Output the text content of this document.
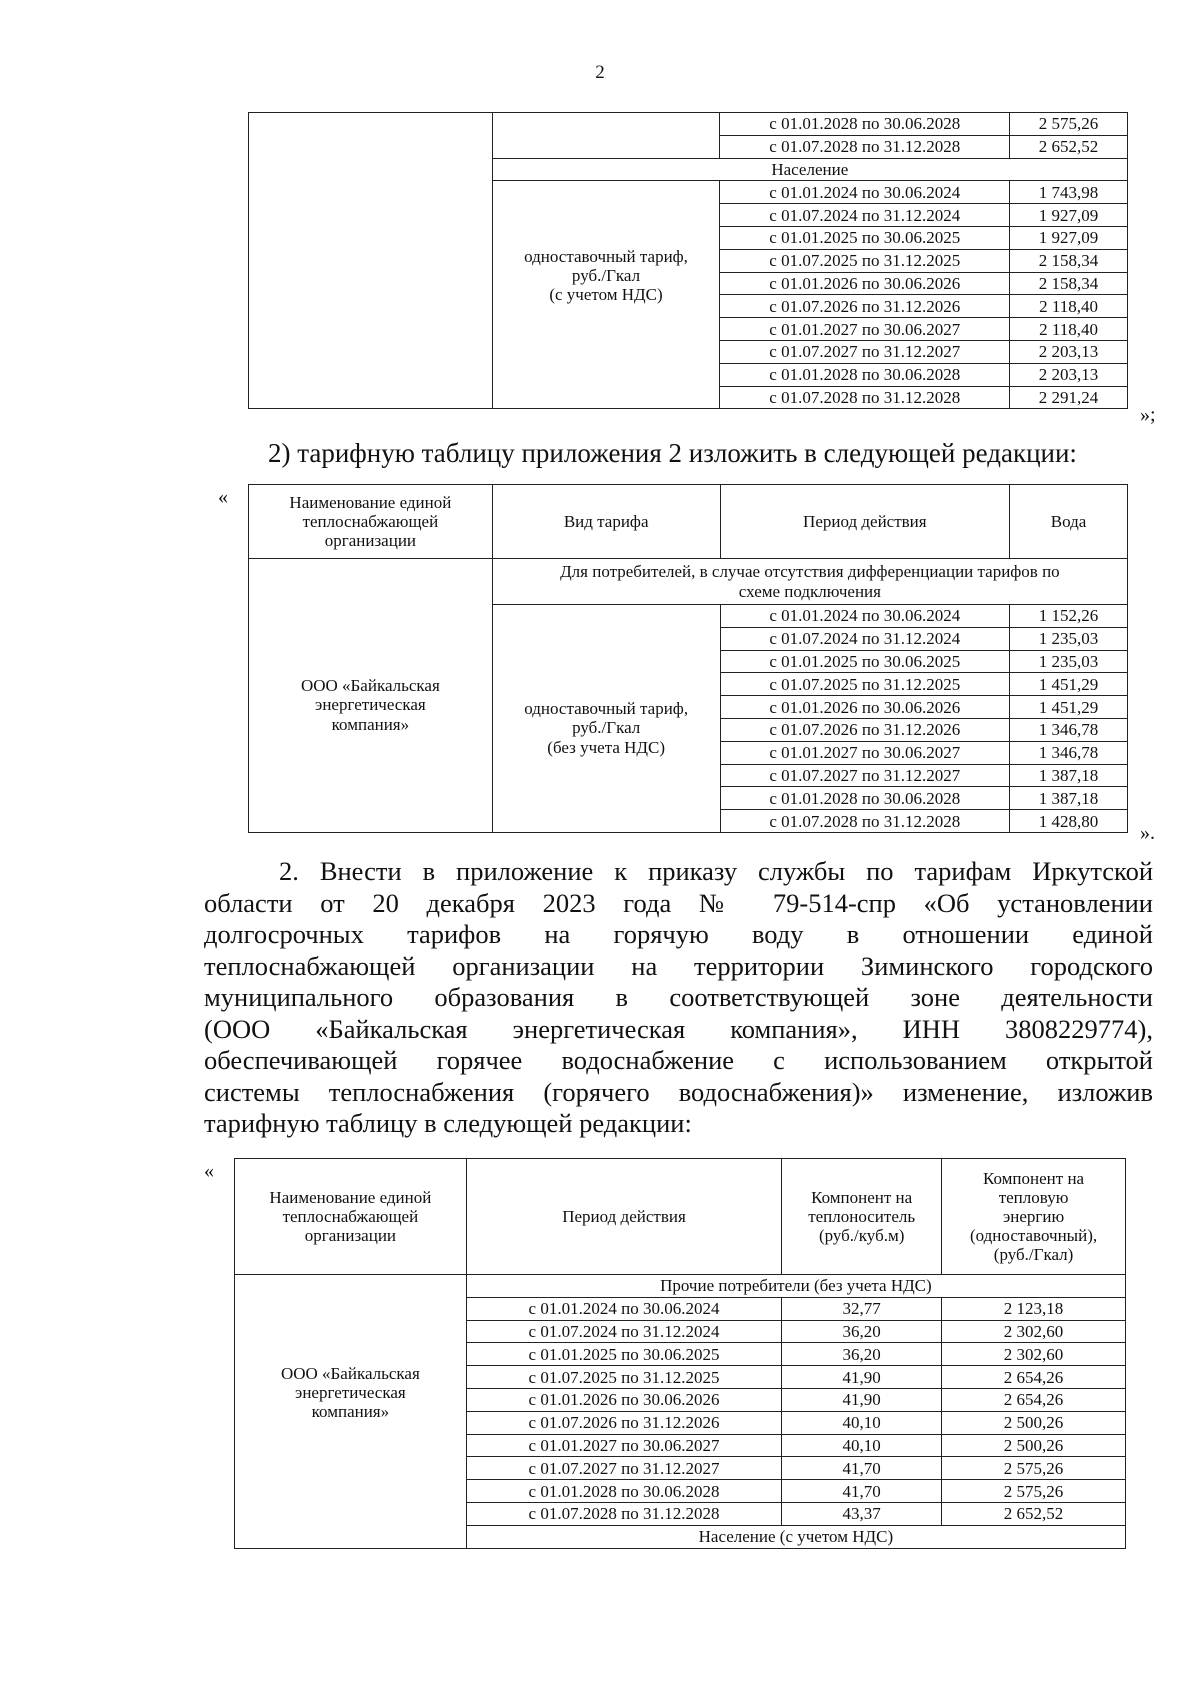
2
		с 01.01.2028 по 30.06.2028	2 575,26
		с 01.07.2028 по 31.12.2028	2 652,52
	Население		
	одноставочный тариф,
руб./Гкал
(с учетом НДС)	с 01.01.2024 по 30.06.2024	1 743,98
		с 01.07.2024 по 31.12.2024	1 927,09
		с 01.01.2025 по 30.06.2025	1 927,09
		с 01.07.2025 по 31.12.2025	2 158,34
		с 01.01.2026 по 30.06.2026	2 158,34
		с 01.07.2026 по 31.12.2026	2 118,40
		с 01.01.2027 по 30.06.2027	2 118,40
		с 01.07.2027 по 31.12.2027	2 203,13
		с 01.01.2028 по 30.06.2028	2 203,13
		с 01.07.2028 по 31.12.2028	2 291,24
»;
2) тарифную таблицу приложения 2 изложить в следующей редакции:
«	Наименование единой
теплоснабжающей
организации	Вид тарифа	Период действия	Вода

ООО «Байкальская
энергетическая
компания»	Для потребителей, в случае отсутствия дифференциации тарифов по
схеме подключения		

одноставочный тариф,
руб./Гкал
(без учета НДС)	с 01.01.2024 по 30.06.2024	1 152,26
		с 01.07.2024 по 31.12.2024	1 235,03
		с 01.01.2025 по 30.06.2025	1 235,03
		с 01.07.2025 по 31.12.2025	1 451,29
		с 01.01.2026 по 30.06.2026	1 451,29
		с 01.07.2026 по 31.12.2026	1 346,78
		с 01.01.2027 по 30.06.2027	1 346,78
		с 01.07.2027 по 31.12.2027	1 387,18
		с 01.01.2028 по 30.06.2028	1 387,18
		с 01.07.2028 по 31.12.2028	1 428,80
».
2. Внести в приложение к приказу службы по тарифам Иркутской
области от 20 декабря 2023 года № 79-514-спр «Об установлении
долгосрочных тарифов на горячую воду в отношении единой
теплоснабжающей организации на территории Зиминского городского
муниципального образования в соответствующей зоне деятельности
(ООО «Байкальская энергетическая компания», ИНН 3808229774),
обеспечивающей горячее водоснабжение с использованием открытой
системы теплоснабжения (горячего водоснабжения)» изменение, изложив
тарифную таблицу в следующей редакции:
«
Наименование единой
теплоснабжающей
организации	Период действия	Компонент на
теплоноситель
(руб./куб.м)	Компонент на
тепловую
энергию
(одноставочный),
(руб./Гкал)
ООО «Байкальская
энергетическая
компания»	Прочие потребители (без учета НДС)		
	с 01.01.2024 по 30.06.2024	32,77	2 123,18
	с 01.07.2024 по 31.12.2024	36,20	2 302,60
	с 01.01.2025 по 30.06.2025	36,20	2 302,60
	с 01.07.2025 по 31.12.2025	41,90	2 654,26
	с 01.01.2026 по 30.06.2026	41,90	2 654,26
	с 01.07.2026 по 31.12.2026	40,10	2 500,26
	с 01.01.2027 по 30.06.2027	40,10	2 500,26
	с 01.07.2027 по 31.12.2027	41,70	2 575,26
	с 01.01.2028 по 30.06.2028	41,70	2 575,26
	с 01.07.2028 по 31.12.2028	43,37	2 652,52
	Население (с учетом НДС)		
